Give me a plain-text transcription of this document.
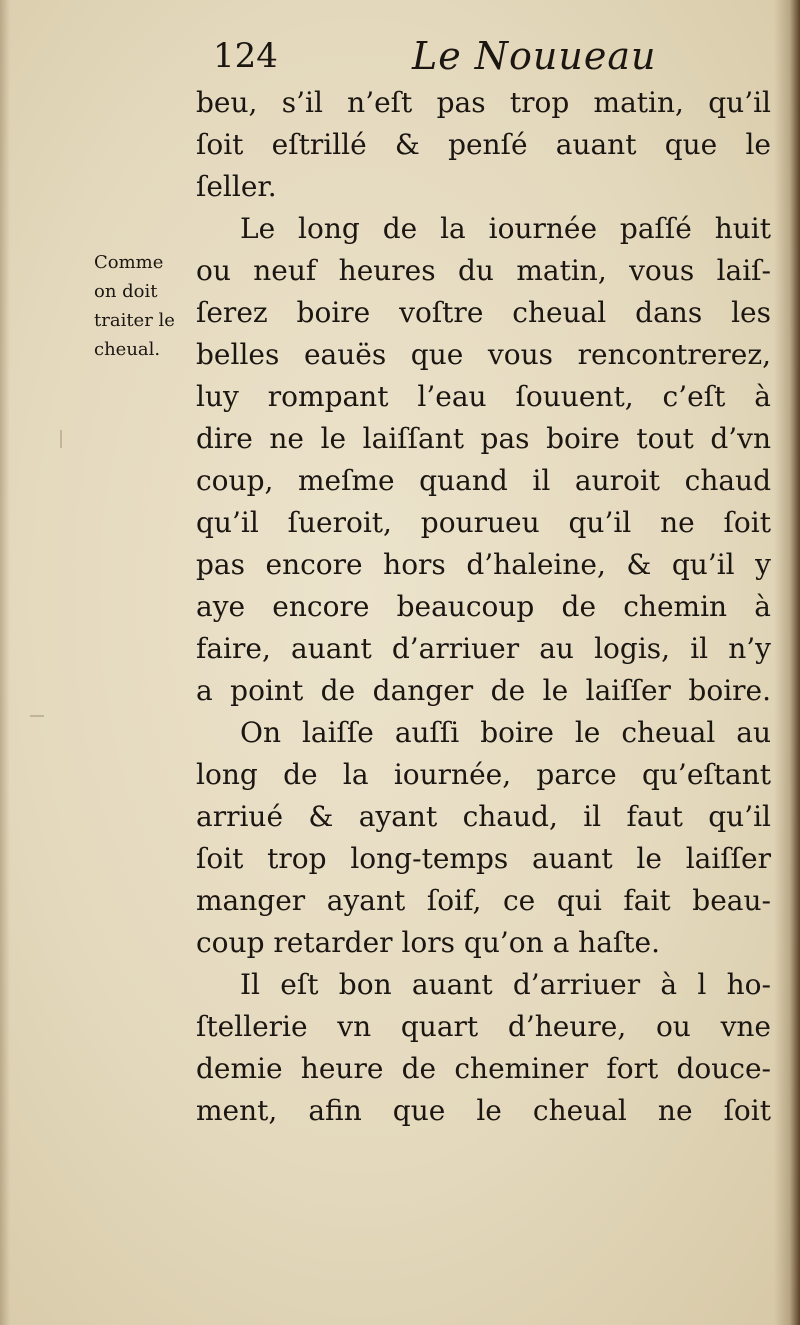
124	Le Nouueau
Comme
on doit
traiter le
cheual.
beu, s’il n’eſt pas trop matin, qu’il
ſoit eſtrillé & penſé auant que le
ſeller.
Le long de la iournée paſſé huit
ou neuf heures du matin, vous laiſ-
ſerez boire voſtre cheual dans les
belles eauës que vous rencontrerez,
luy rompant l’eau ſouuent, c’eſt à
dire ne le laiſſant pas boire tout d’vn
coup, meſme quand il auroit chaud
qu’il ſueroit, pourueu qu’il ne ſoit
pas encore hors d’haleine, & qu’il y
aye encore beaucoup de chemin à
faire, auant d’arriuer au logis, il n’y
a point de danger de le laiſſer boire.
On laiſſe auſſi boire le cheual au
long de la iournée, parce qu’eſtant
arriué & ayant chaud, il faut qu’il
ſoit trop long-temps auant le laiſſer
manger ayant ſoif, ce qui fait beau-
coup retarder lors qu’on a haſte.
Il eſt bon auant d’arriuer à l ho-
ſtellerie vn quart d’heure, ou vne
demie heure de cheminer fort douce-
ment, afin que le cheual ne ſoit
